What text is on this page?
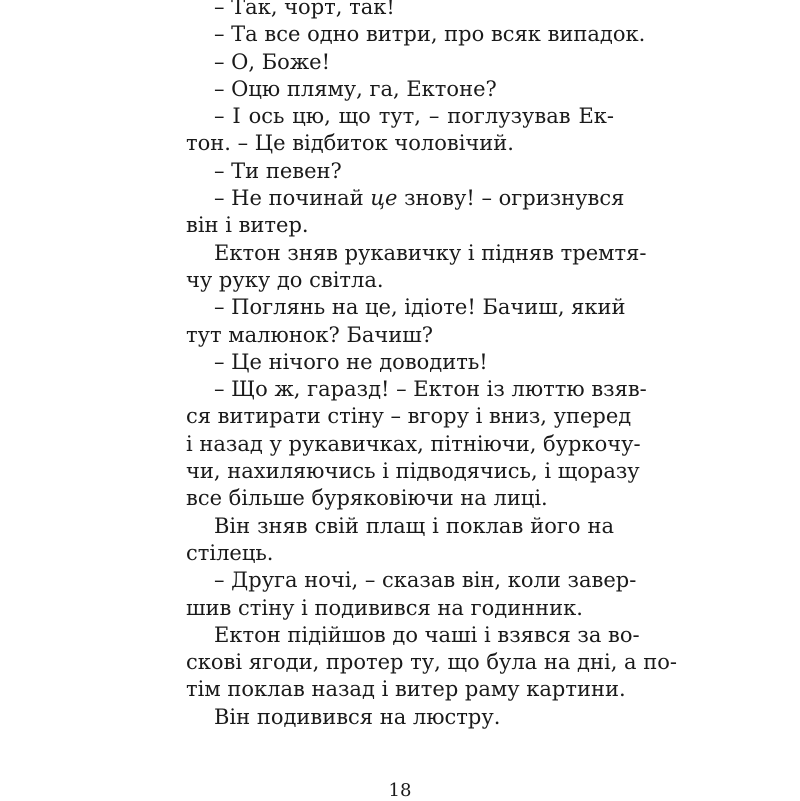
– Так, чорт, так!

– Та все одно витри, про всяк випадок.

– О, Боже!

– Оцю пляму, га, Ектоне?

– І ось цю, що тут, – поглузував Ек-
тон. – Це відбиток чоловічий.

– Ти певен?

– Не починай це знову! – огризнувся
він і витер.

Ектон зняв рукавичку і підняв тремтя-
чу руку до світла.

– Поглянь на це, ідіоте! Бачиш, який
тут малюнок? Бачиш?

– Це нічого не доводить!

– Що ж, гаразд! – Ектон із люттю взяв-
ся витирати стіну – вгору і вниз, уперед
і назад у рукавичках, пітніючи, буркочу-
чи, нахиляючись і підводячись, і щоразу
все більше буряковіючи на лиці.

Він зняв свій плащ і поклав його на
стілець.

– Друга ночі, – сказав він, коли завер-
шив стіну і подивився на годинник.

Ектон підійшов до чаші і взявся за во-
скові ягоди, протер ту, що була на дні, а по-
тім поклав назад і витер раму картини.

Він подивився на люстру.

18
